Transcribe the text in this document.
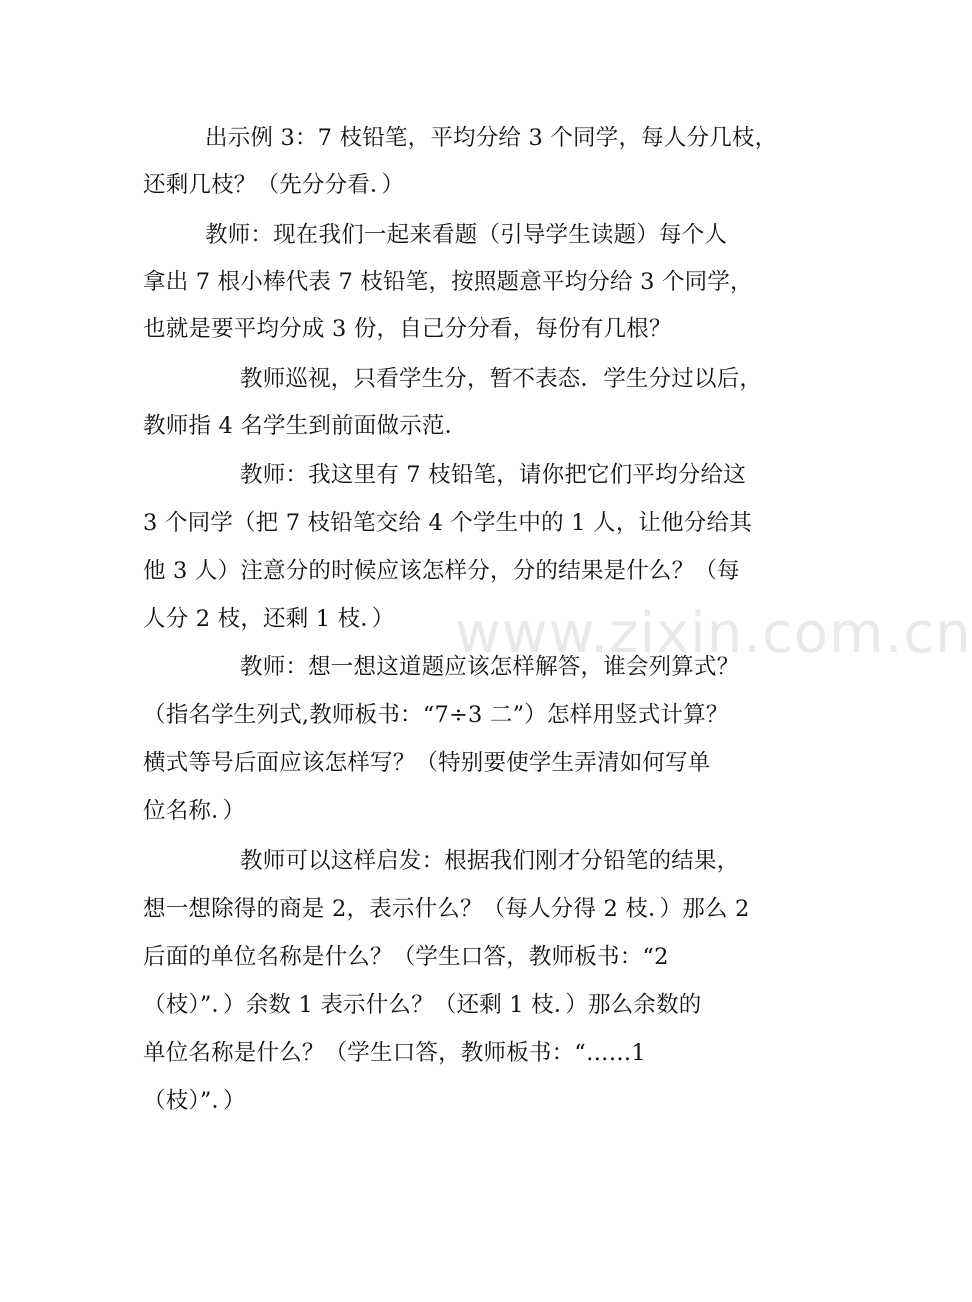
出示例 3：7 枝铅笔，平均分给 3 个同学，每人分几枝，
还剩几枝？（先分分看．）
教师：现在我们一起来看题（引导学生读题）每个人
拿出 7 根小棒代表 7 枝铅笔，按照题意平均分给 3 个同学，
也就是要平均分成 3 份，自己分分看，每份有几根？
教师巡视，只看学生分，暂不表态．学生分过以后，
教师指 4 名学生到前面做示范．
教师：我这里有 7 枝铅笔，请你把它们平均分给这
3 个同学（把 7 枝铅笔交给 4 个学生中的 1 人，让他分给其
他 3 人）注意分的时候应该怎样分，分的结果是什么？（每
人分 2 枝，还剩 1 枝．）
教师：想一想这道题应该怎样解答，谁会列算式？
（指名学生列式,教师板书：“7÷3 二”）怎样用竖式计算？
横式等号后面应该怎样写？（特别要使学生弄清如何写单
位名称．）
教师可以这样启发：根据我们刚才分铅笔的结果，
想一想除得的商是 2，表示什么？（每人分得 2 枝．）那么 2
后面的单位名称是什么？（学生口答，教师板书：“2
（枝）”．）余数 1 表示什么？（还剩 1 枝．）那么余数的
单位名称是什么？（学生口答，教师板书：“……1
（枝）”．）
www.zixin.com.cn
